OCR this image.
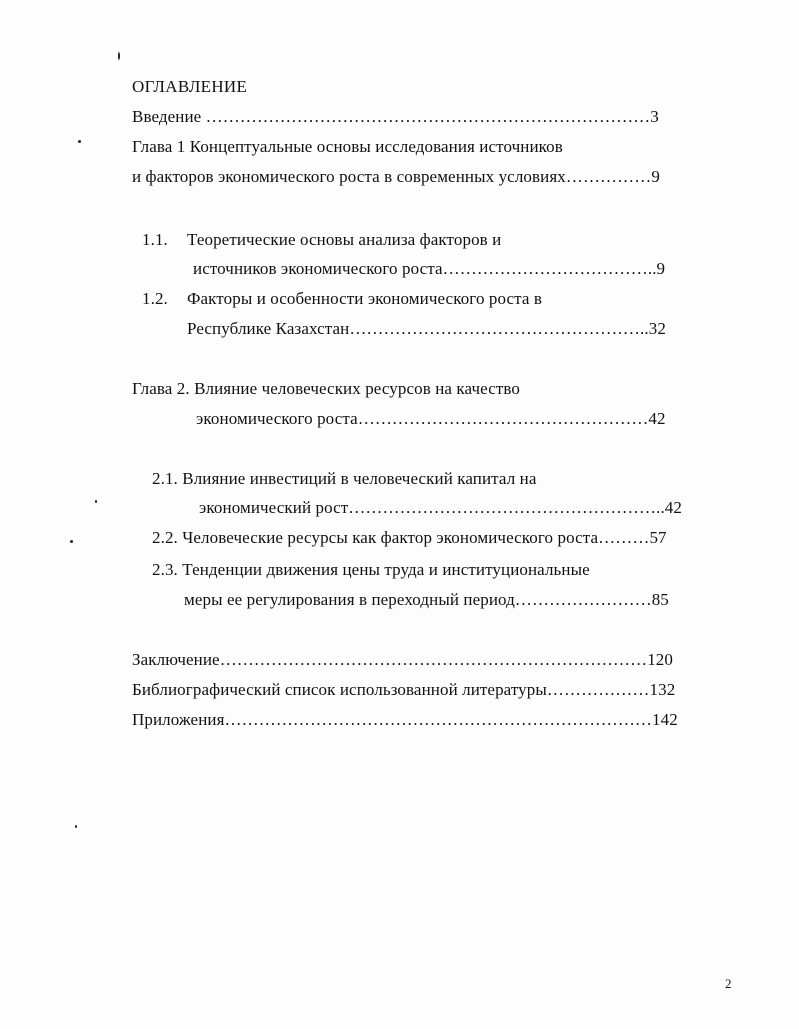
ОГЛАВЛЕНИЕ
Введение ……………………………………………………………………3
Глава 1 Концептуальные основы исследования источников
и факторов экономического роста в современных условиях……………9
1.1. Теоретические основы анализа факторов и
источников экономического роста………………………………..9
1.2. Факторы и особенности экономического роста в
Республике Казахстан……………………………………………..32
Глава 2. Влияние человеческих ресурсов на качество
экономического роста……………………………………………42
2.1. Влияние инвестиций в человеческий капитал на
экономический рост………………………………………………..42
2.2. Человеческие ресурсы как фактор экономического роста………57
2.3. Тенденции движения цены труда и институциональные
меры ее регулирования в переходный период……………………85
Заключение…………………………………………………………………120
Библиографический список использованной литературы………………132
Приложения…………………………………………………………………142
2
